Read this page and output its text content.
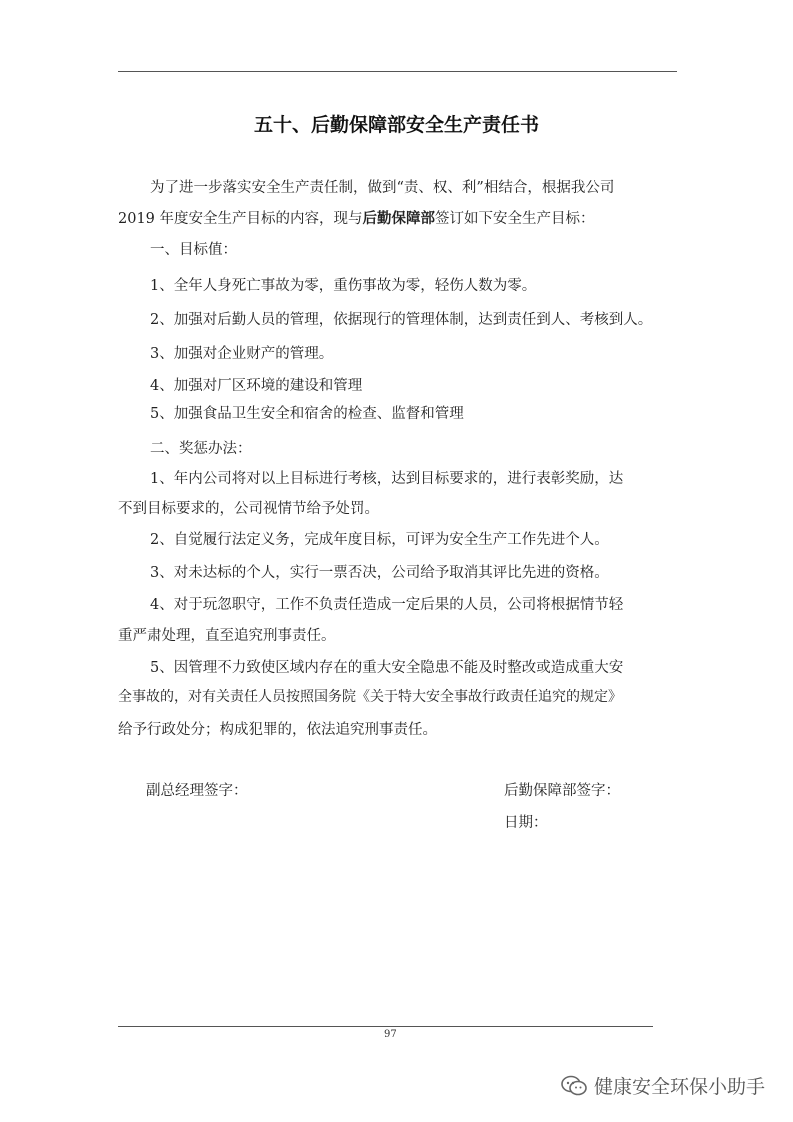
五十、后勤保障部安全生产责任书
为了进一步落实安全生产责任制，做到“责、权、利”相结合，根据我公司
2019 年度安全生产目标的内容，现与后勤保障部签订如下安全生产目标：
一、目标值：
1、全年人身死亡事故为零，重伤事故为零，轻伤人数为零。
2、加强对后勤人员的管理，依据现行的管理体制，达到责任到人、考核到人。
3、加强对企业财产的管理。
4、加强对厂区环境的建设和管理
5、加强食品卫生安全和宿舍的检查、监督和管理
二、奖惩办法：
1、年内公司将对以上目标进行考核，达到目标要求的，进行表彰奖励，达
不到目标要求的，公司视情节给予处罚。
2、自觉履行法定义务，完成年度目标，可评为安全生产工作先进个人。
3、对未达标的个人，实行一票否决，公司给予取消其评比先进的资格。
4、对于玩忽职守，工作不负责任造成一定后果的人员，公司将根据情节轻
重严肃处理，直至追究刑事责任。
5、因管理不力致使区域内存在的重大安全隐患不能及时整改或造成重大安
全事故的，对有关责任人员按照国务院《关于特大安全事故行政责任追究的规定》
给予行政处分；构成犯罪的，依法追究刑事责任。
副总经理签字：	后勤保障部签字：
日期：
97
健康安全环保小助手
